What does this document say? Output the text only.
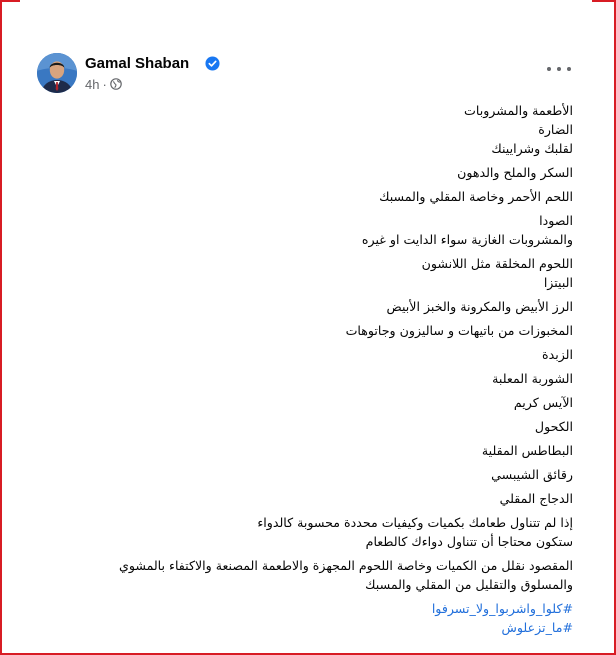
Gamal Shaban
4h ·
الأطعمة والمشروبات
الضارة
لقلبك وشرايينك
السكر والملح والدهون
اللحم الأحمر وخاصة المقلي والمسبك
الصودا
والمشروبات الغازية سواء الدايت او غيره
اللحوم المخلقة مثل اللانشون
البيتزا
الرز الأبيض والمكرونة والخبز الأبيض
المخبوزات من باتيهات و ساليزون وجاتوهات
الزبدة
الشوربة المعلبة
الآيس كريم
الكحول
البطاطس المقلية
رقائق الشيبسي
الدجاج المقلي
إذا لم تتناول طعامك بكميات وكيفيات محددة محسوبة كالدواء
ستكون محتاجا أن تتناول دواءك كالطعام
المقصود نقلل من الكميات وخاصة اللحوم المجهزة والاطعمة المصنعة والاكتفاء بالمشوي
والمسلوق والتقليل من المقلي والمسبك
#كلوا_واشربوا_ولا_تسرفوا
#ما_تزعلوش
